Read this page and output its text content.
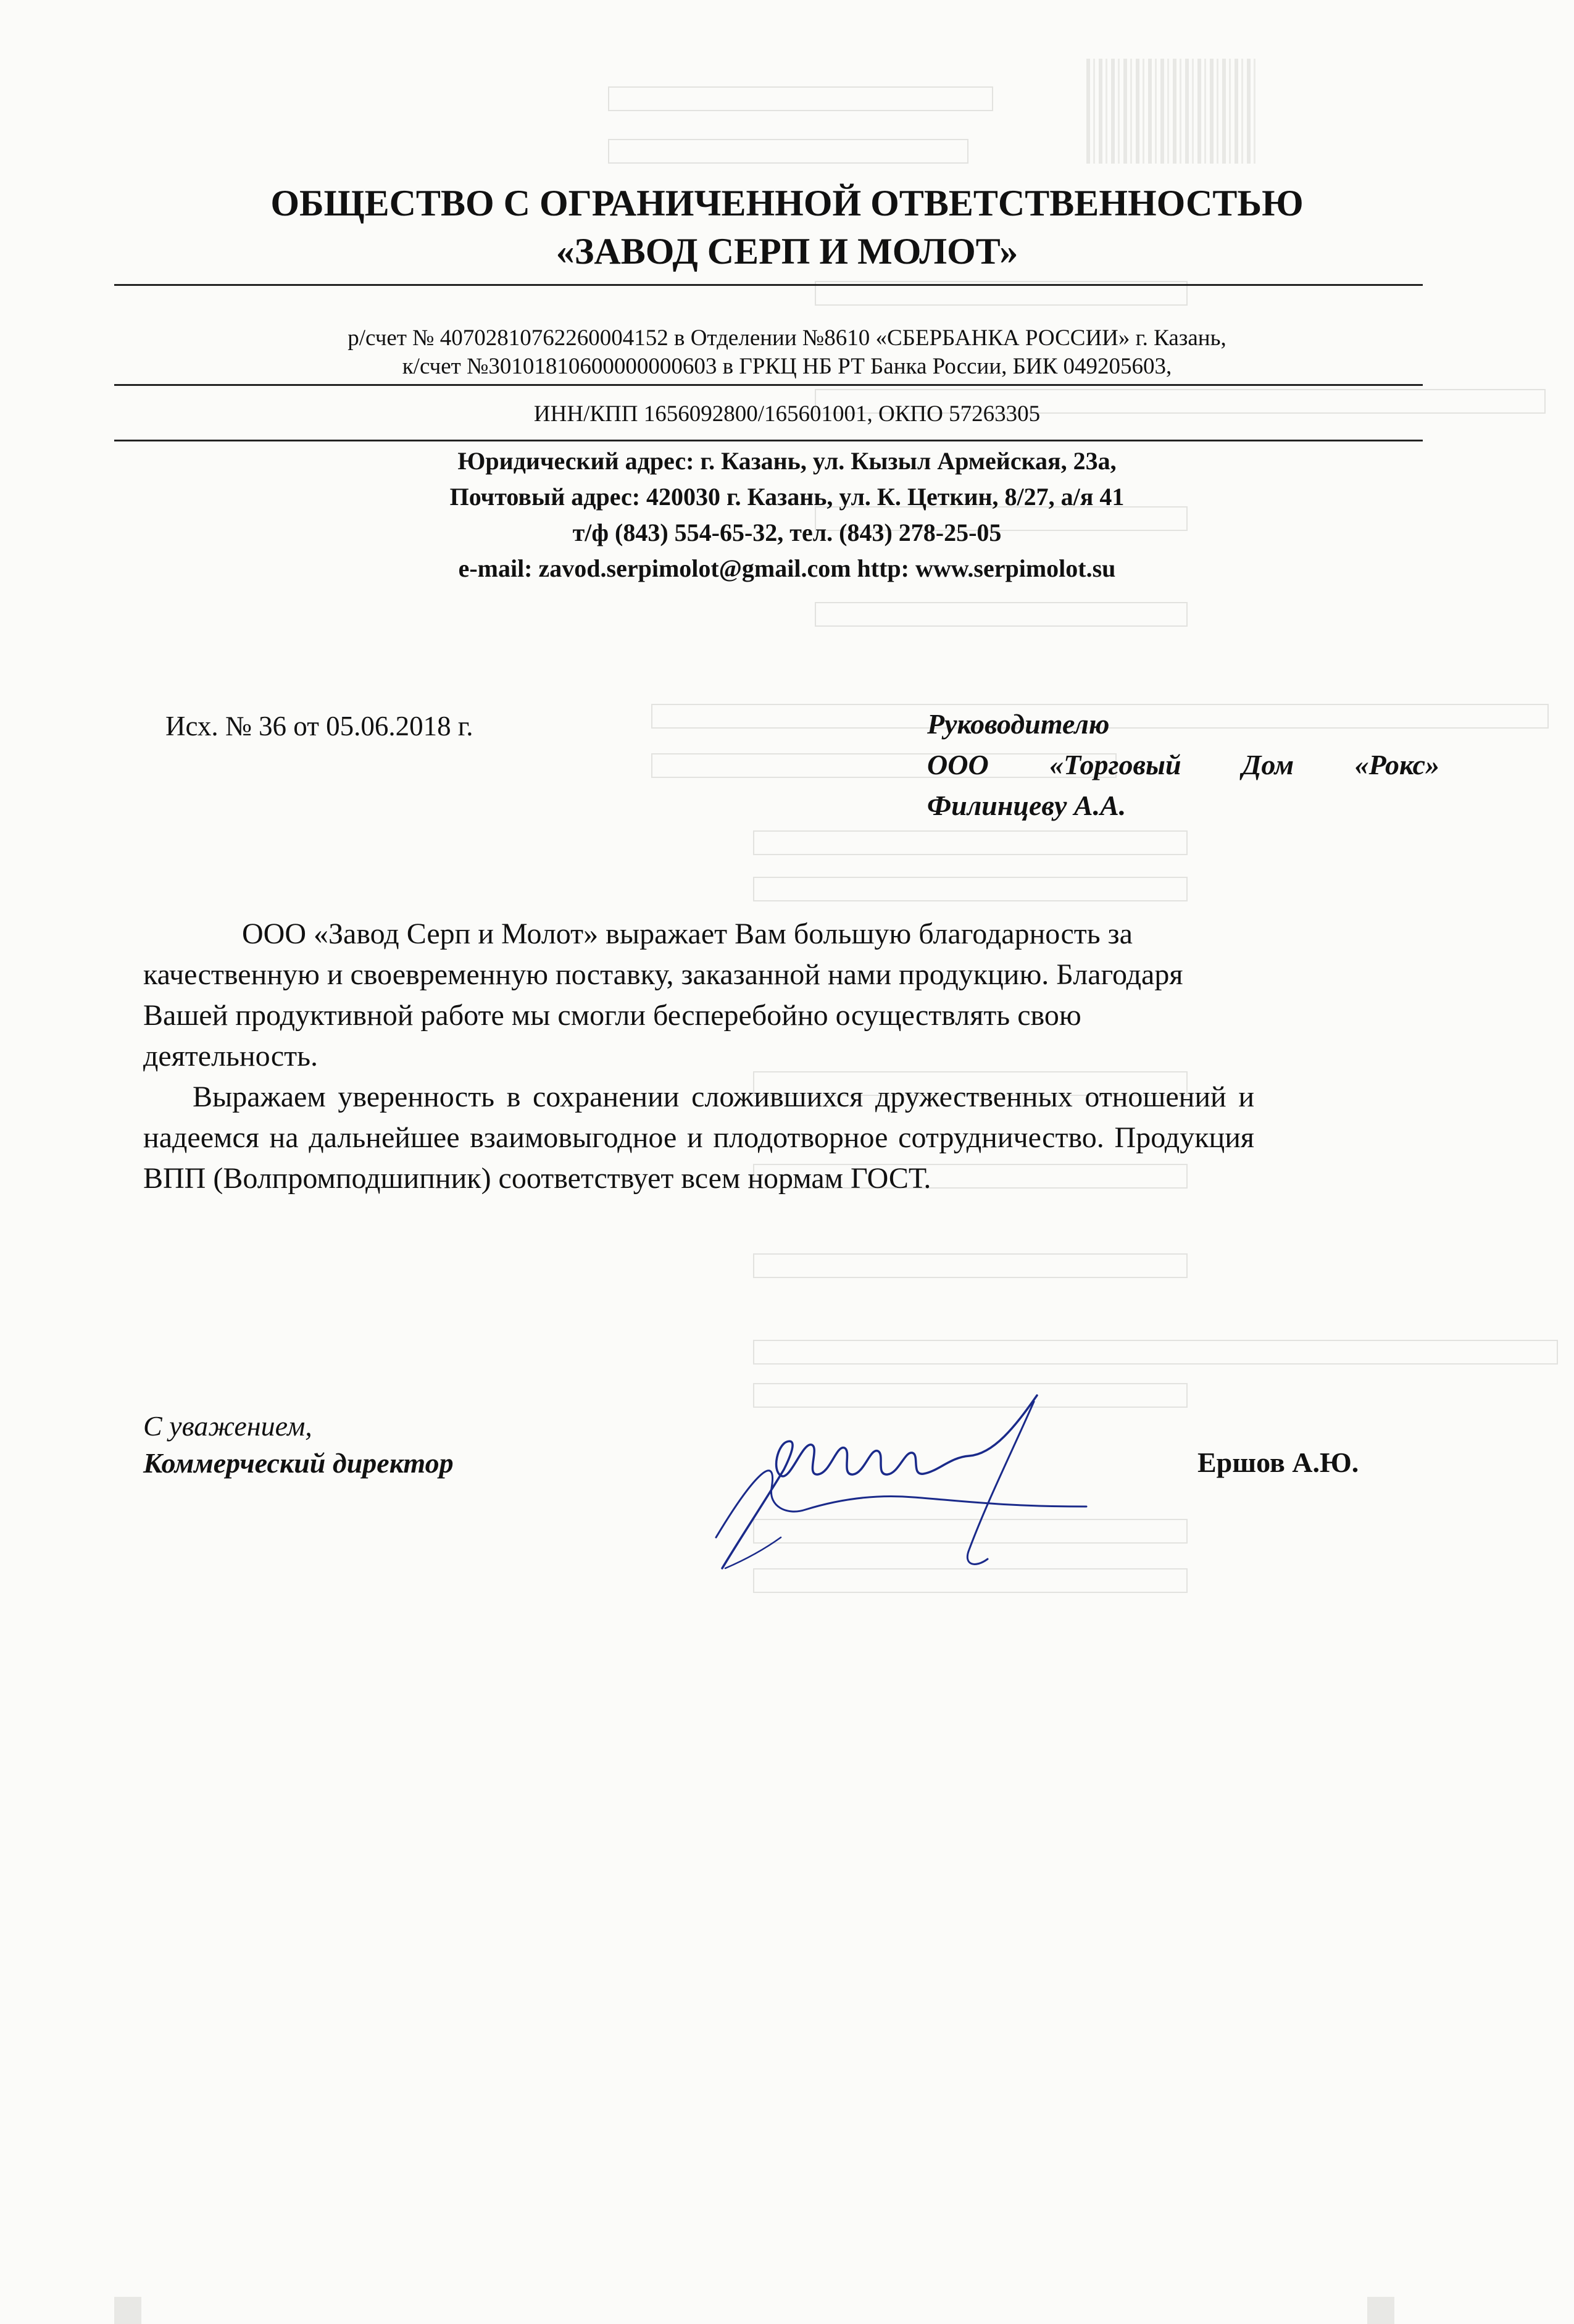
ОБЩЕСТВО С ОГРАНИЧЕННОЙ ОТВЕТСТВЕННОСТЬЮ
«ЗАВОД СЕРП И МОЛОТ»
р/счет № 40702810762260004152 в Отделении №8610 «СБЕРБАНКА РОССИИ» г. Казань,
к/счет №30101810600000000603 в ГРКЦ НБ РТ Банка России, БИК 049205603,
ИНН/КПП 1656092800/165601001, ОКПО 57263305
Юридический адрес: г. Казань, ул. Кызыл Армейская, 23а,
Почтовый адрес: 420030 г. Казань, ул. К. Цеткин, 8/27, а/я 41
т/ф (843) 554-65-32, тел. (843) 278-25-05
e-mail: zavod.serpimolot@gmail.com http: www.serpimolot.su
Исх. № 36 от 05.06.2018 г.	Руководителю
ООО «Торговый Дом «Рокс»
Филинцеву А.А.

ООО «Завод Серп и Молот» выражает Вам большую благодарность за качественную и своевременную поставку, заказанной нами продукцию. Благодаря Вашей продуктивной работе мы смогли бесперебойно осуществлять свою деятельность.

Выражаем уверенность в сохранении сложившихся дружественных отношений и надеемся на дальнейшее взаимовыгодное и плодотворное сотрудничество. Продукция ВПП (Волпромподшипник) соответствует всем нормам ГОСТ.

С уважением,
Коммерческий директор	Ершов А.Ю.
